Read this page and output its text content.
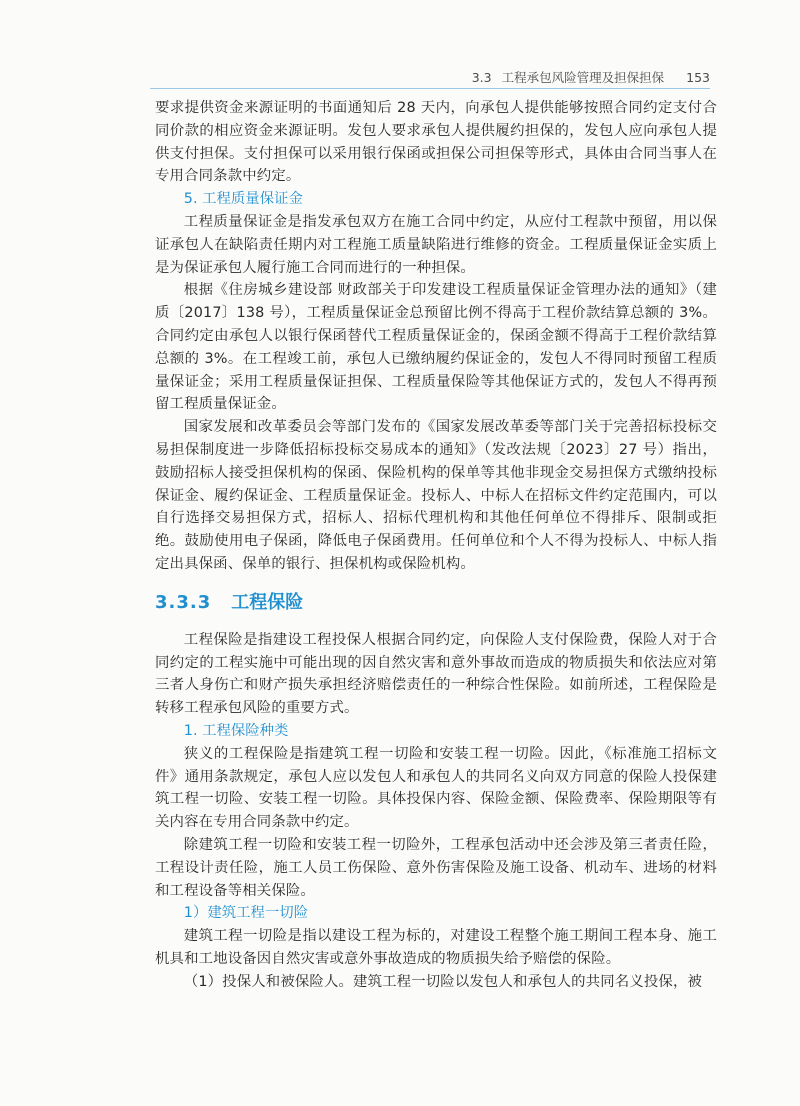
3.3 工程承包风险管理及担保担保 153

要求提供资金来源证明的书面通知后 28 天内，向承包人提供能够按照合同约定支付合同价款的相应资金来源证明。发包人要求承包人提供履约担保的，发包人应向承包人提供支付担保。支付担保可以采用银行保函或担保公司担保等形式，具体由合同当事人在专用合同条款中约定。

5. 工程质量保证金

工程质量保证金是指发承包双方在施工合同中约定，从应付工程款中预留，用以保证承包人在缺陷责任期内对工程施工质量缺陷进行维修的资金。工程质量保证金实质上是为保证承包人履行施工合同而进行的一种担保。

根据《住房城乡建设部 财政部关于印发建设工程质量保证金管理办法的通知》（建质〔2017〕138 号），工程质量保证金总预留比例不得高于工程价款结算总额的 3%。合同约定由承包人以银行保函替代工程质量保证金的，保函金额不得高于工程价款结算总额的 3%。在工程竣工前，承包人已缴纳履约保证金的，发包人不得同时预留工程质量保证金；采用工程质量保证担保、工程质量保险等其他保证方式的，发包人不得再预留工程质量保证金。

国家发展和改革委员会等部门发布的《国家发展改革委等部门关于完善招标投标交易担保制度进一步降低招标投标交易成本的通知》（发改法规〔2023〕27 号）指出，鼓励招标人接受担保机构的保函、保险机构的保单等其他非现金交易担保方式缴纳投标保证金、履约保证金、工程质量保证金。投标人、中标人在招标文件约定范围内，可以自行选择交易担保方式，招标人、招标代理机构和其他任何单位不得排斥、限制或拒绝。鼓励使用电子保函，降低电子保函费用。任何单位和个人不得为投标人、中标人指定出具保函、保单的银行、担保机构或保险机构。

3.3.3 工程保险

工程保险是指建设工程投保人根据合同约定，向保险人支付保险费，保险人对于合同约定的工程实施中可能出现的因自然灾害和意外事故而造成的物质损失和依法应对第三者人身伤亡和财产损失承担经济赔偿责任的一种综合性保险。如前所述，工程保险是转移工程承包风险的重要方式。

1. 工程保险种类

狭义的工程保险是指建筑工程一切险和安装工程一切险。因此，《标准施工招标文件》通用条款规定，承包人应以发包人和承包人的共同名义向双方同意的保险人投保建筑工程一切险、安装工程一切险。具体投保内容、保险金额、保险费率、保险期限等有关内容在专用合同条款中约定。

除建筑工程一切险和安装工程一切险外，工程承包活动中还会涉及第三者责任险，工程设计责任险，施工人员工伤保险、意外伤害保险及施工设备、机动车、进场的材料和工程设备等相关保险。

1）建筑工程一切险

建筑工程一切险是指以建设工程为标的，对建设工程整个施工期间工程本身、施工机具和工地设备因自然灾害或意外事故造成的物质损失给予赔偿的保险。

（1）投保人和被保险人。建筑工程一切险以发包人和承包人的共同名义投保，被
